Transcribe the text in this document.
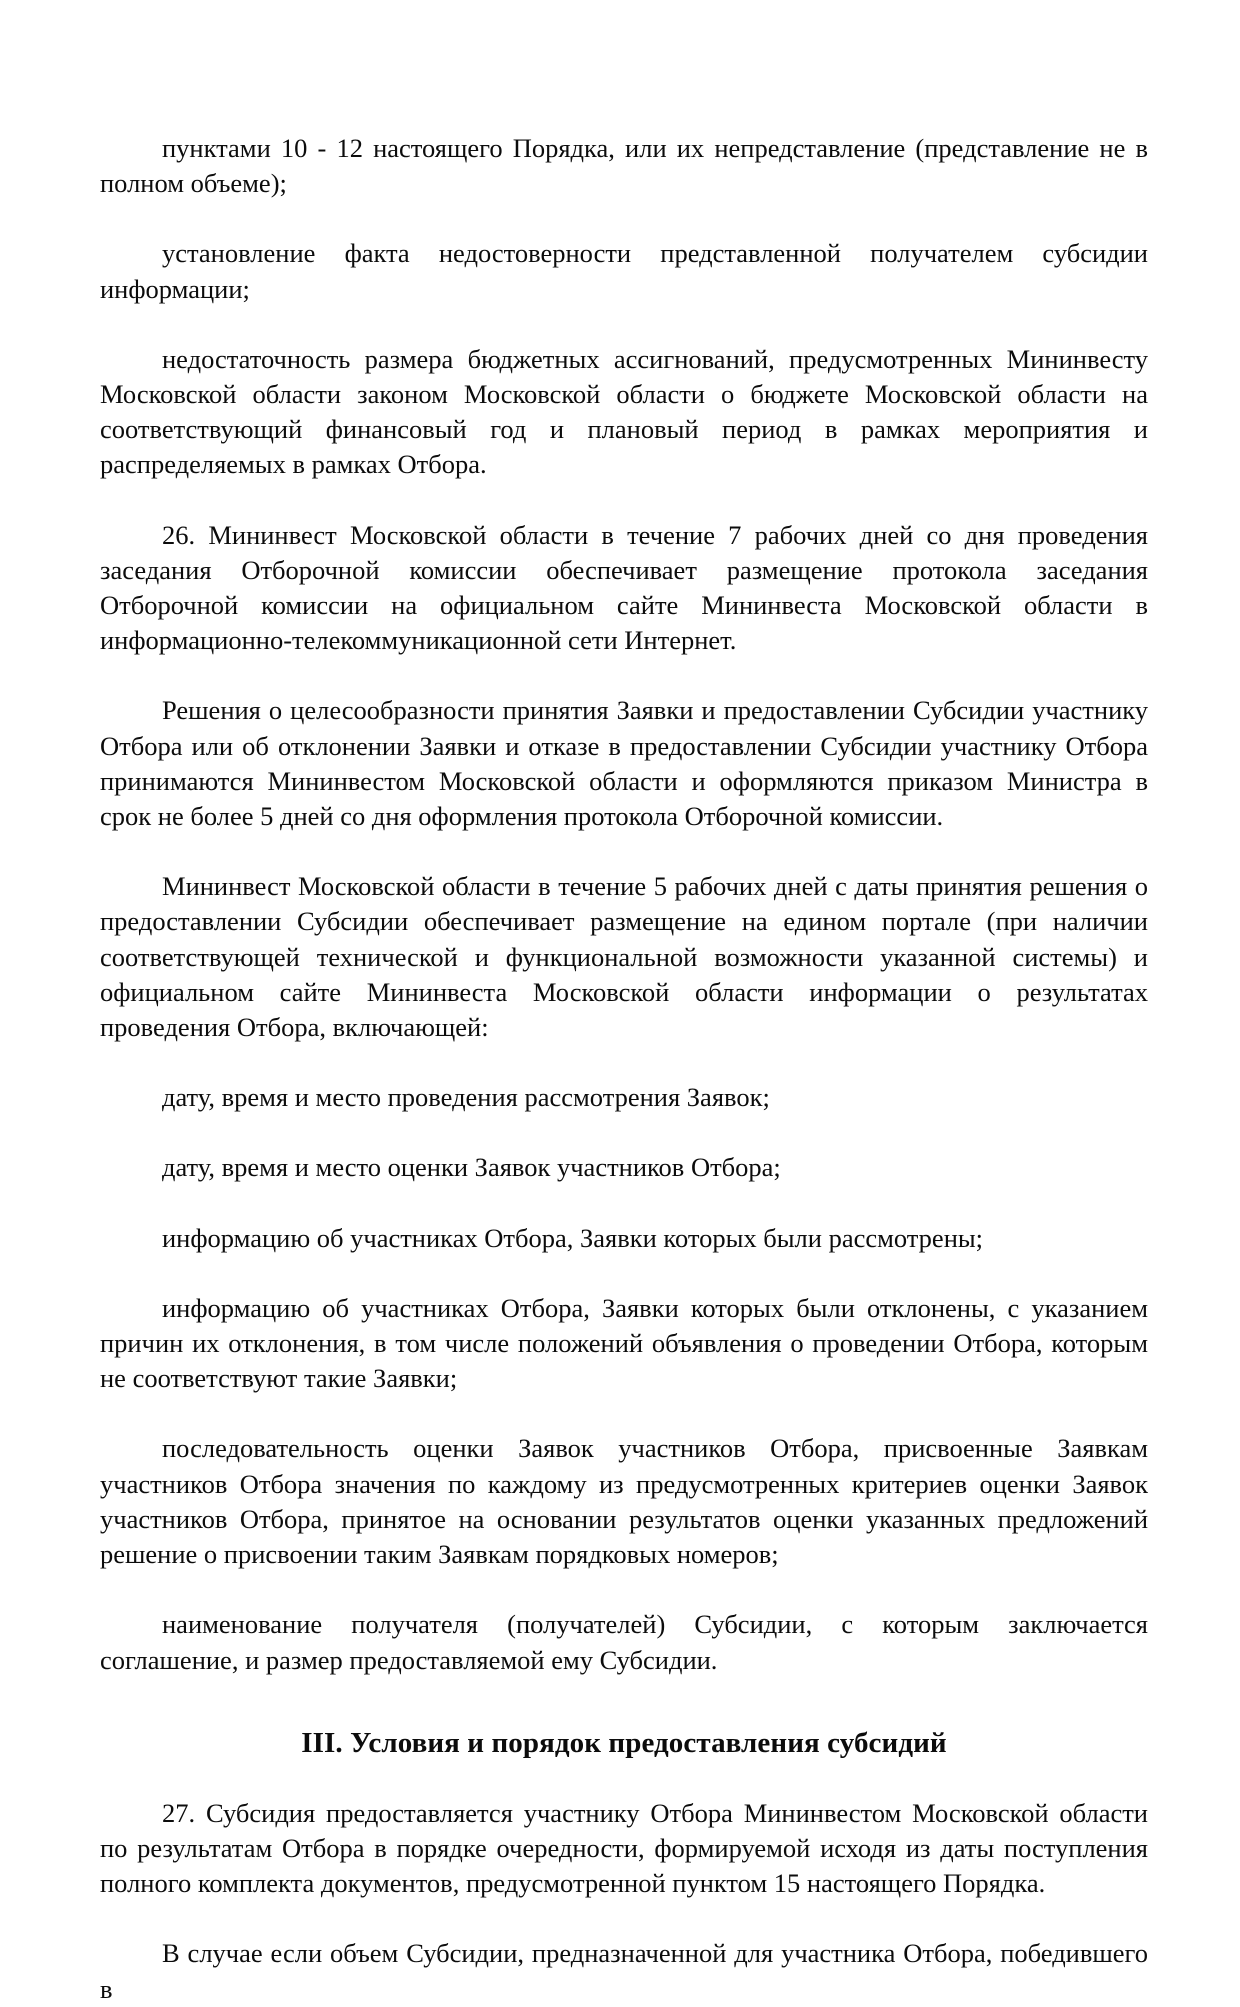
пунктами 10 - 12 настоящего Порядка, или их непредставление (представление не в полном объеме);

установление факта недостоверности представленной получателем субсидии информации;

недостаточность размера бюджетных ассигнований, предусмотренных Мининвесту Московской области законом Московской области о бюджете Московской области на соответствующий финансовый год и плановый период в рамках мероприятия и распределяемых в рамках Отбора.

26. Мининвест Московской области в течение 7 рабочих дней со дня проведения заседания Отборочной комиссии обеспечивает размещение протокола заседания Отборочной комиссии на официальном сайте Мининвеста Московской области в информационно-телекоммуникационной сети Интернет.

Решения о целесообразности принятия Заявки и предоставлении Субсидии участнику Отбора или об отклонении Заявки и отказе в предоставлении Субсидии участнику Отбора принимаются Мининвестом Московской области и оформляются приказом Министра в срок не более 5 дней со дня оформления протокола Отборочной комиссии.

Мининвест Московской области в течение 5 рабочих дней с даты принятия решения о предоставлении Субсидии обеспечивает размещение на едином портале (при наличии соответствующей технической и функциональной возможности указанной системы) и официальном сайте Мининвеста Московской области информации о результатах проведения Отбора, включающей:

дату, время и место проведения рассмотрения Заявок;

дату, время и место оценки Заявок участников Отбора;

информацию об участниках Отбора, Заявки которых были рассмотрены;

информацию об участниках Отбора, Заявки которых были отклонены, с указанием причин их отклонения, в том числе положений объявления о проведении Отбора, которым не соответствуют такие Заявки;

последовательность оценки Заявок участников Отбора, присвоенные Заявкам участников Отбора значения по каждому из предусмотренных критериев оценки Заявок участников Отбора, принятое на основании результатов оценки указанных предложений решение о присвоении таким Заявкам порядковых номеров;

наименование получателя (получателей) Субсидии, с которым заключается соглашение, и размер предоставляемой ему Субсидии.

III. Условия и порядок предоставления субсидий

27. Субсидия предоставляется участнику Отбора Мининвестом Московской области по результатам Отбора в порядке очередности, формируемой исходя из даты поступления полного комплекта документов, предусмотренной пунктом 15 настоящего Порядка.

В случае если объем Субсидии, предназначенной для участника Отбора, победившего в
